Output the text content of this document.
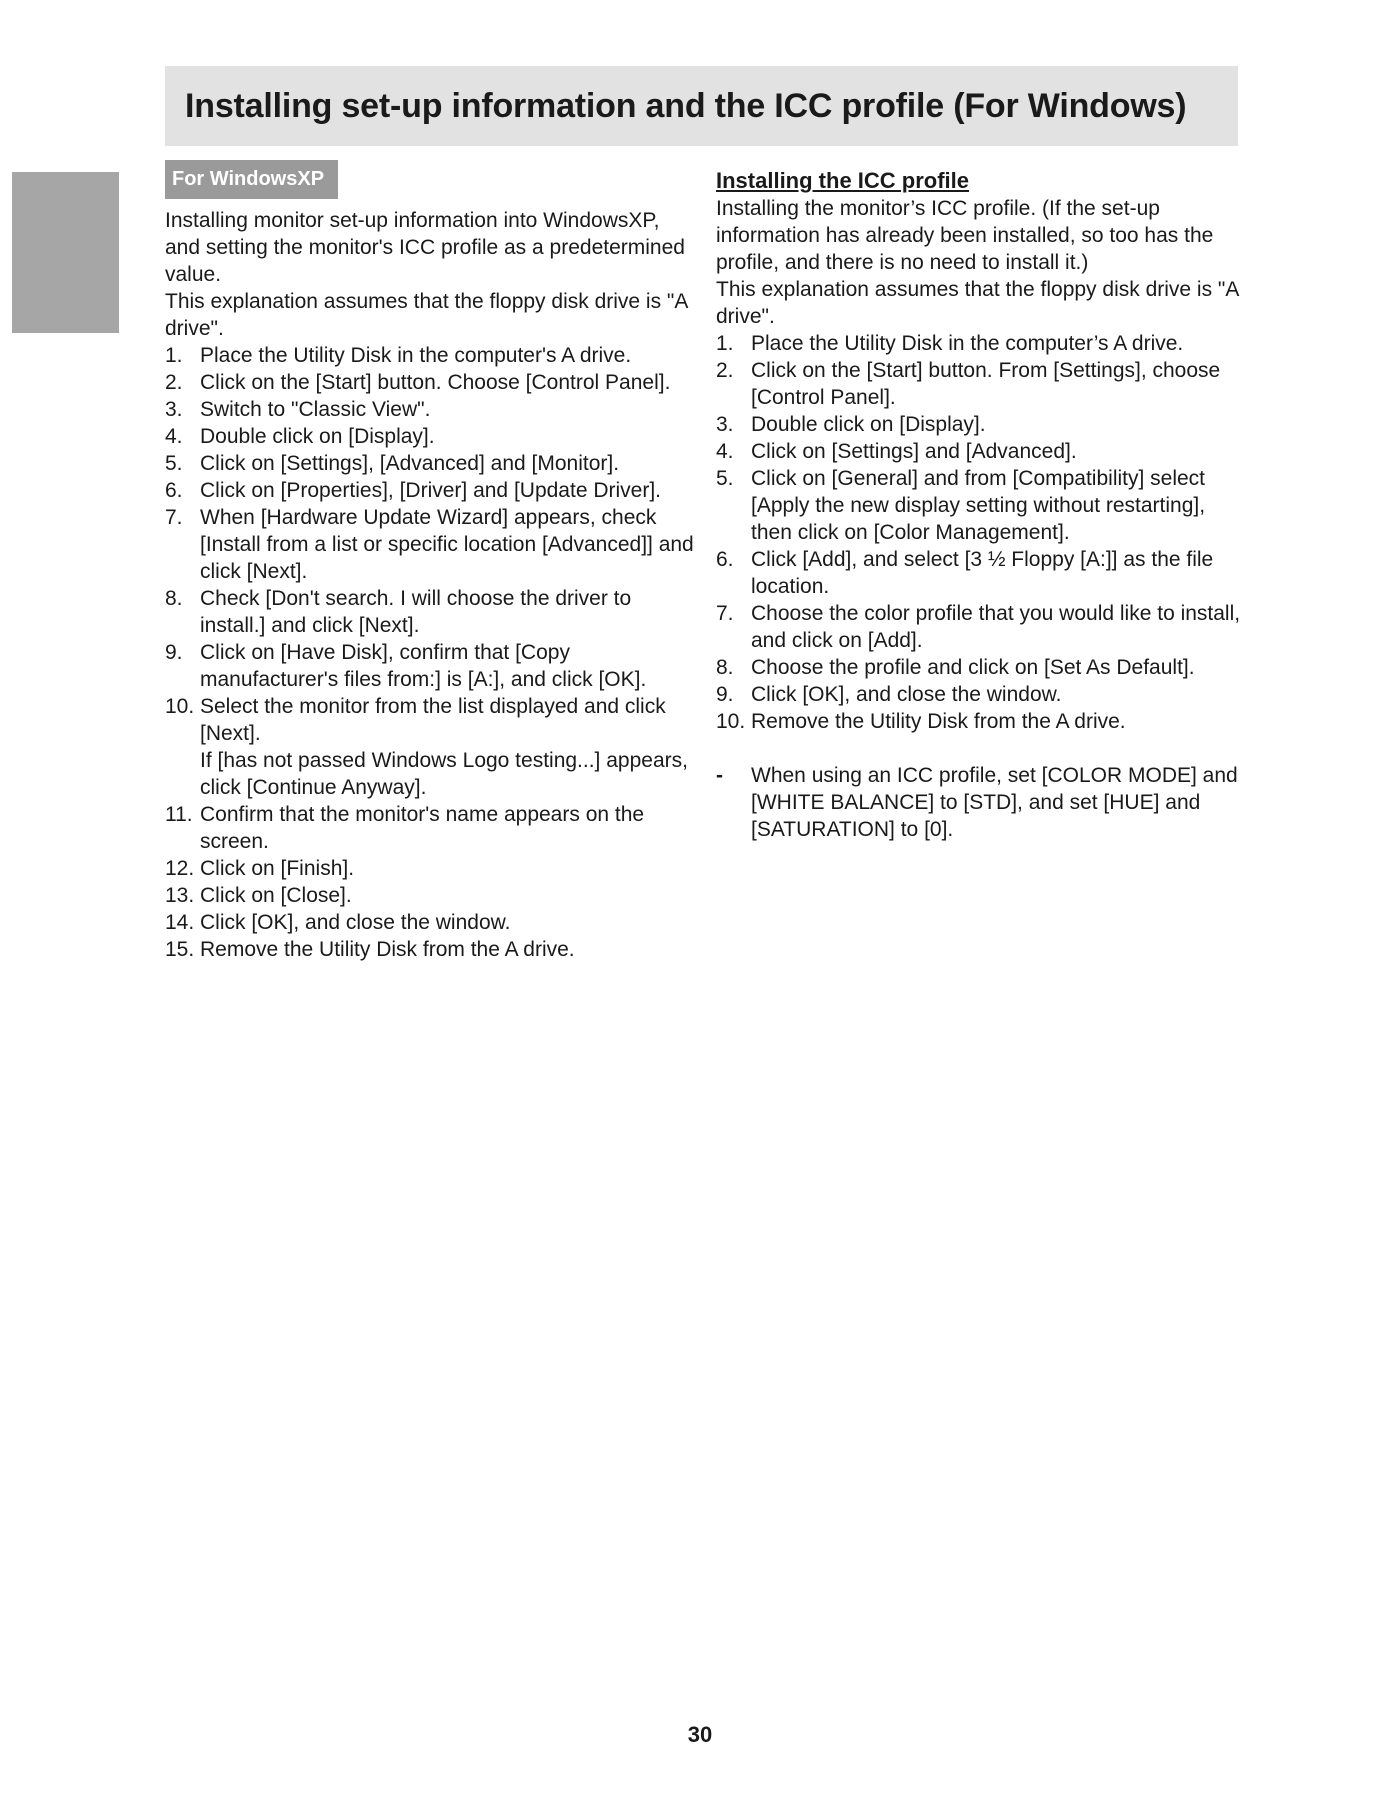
Installing set-up information and the ICC profile (For Windows)
For WindowsXP

Installing monitor set-up information into WindowsXP, and setting the monitor's ICC profile as a predetermined value.

This explanation assumes that the floppy disk drive is "A drive".

1. Place the Utility Disk in the computer's A drive.
2. Click on the [Start] button. Choose [Control Panel].
3. Switch to "Classic View".
4. Double click on [Display].
5. Click on [Settings], [Advanced] and [Monitor].
6. Click on [Properties], [Driver] and [Update Driver].
7. When [Hardware Update Wizard] appears, check [Install from a list or specific location [Advanced]] and click [Next].
8. Check [Don't search. I will choose the driver to install.] and click [Next].
9. Click on [Have Disk], confirm that [Copy manufacturer's files from:] is [A:], and click [OK].
10. Select the monitor from the list displayed and click [Next].
If [has not passed Windows Logo testing...] appears, click [Continue Anyway].
11. Confirm that the monitor's name appears on the screen.
12. Click on [Finish].
13. Click on [Close].
14. Click [OK], and close the window.
15. Remove the Utility Disk from the A drive.
Installing the ICC profile

Installing the monitor’s ICC profile. (If the set-up information has already been installed, so too has the profile, and there is no need to install it.)

This explanation assumes that the floppy disk drive is "A drive".

1. Place the Utility Disk in the computer’s A drive.
2. Click on the [Start] button. From [Settings], choose [Control Panel].
3. Double click on [Display].
4. Click on [Settings] and [Advanced].
5. Click on [General] and from [Compatibility] select [Apply the new display setting without restarting], then click on [Color Management].
6. Click [Add], and select [3 ½ Floppy [A:]] as the file location.
7. Choose the color profile that you would like to install, and click on [Add].
8. Choose the profile and click on [Set As Default].
9. Click [OK], and close the window.
10. Remove the Utility Disk from the A drive.
- When using an ICC profile, set [COLOR MODE] and [WHITE BALANCE] to [STD], and set [HUE] and [SATURATION] to [0].
30
